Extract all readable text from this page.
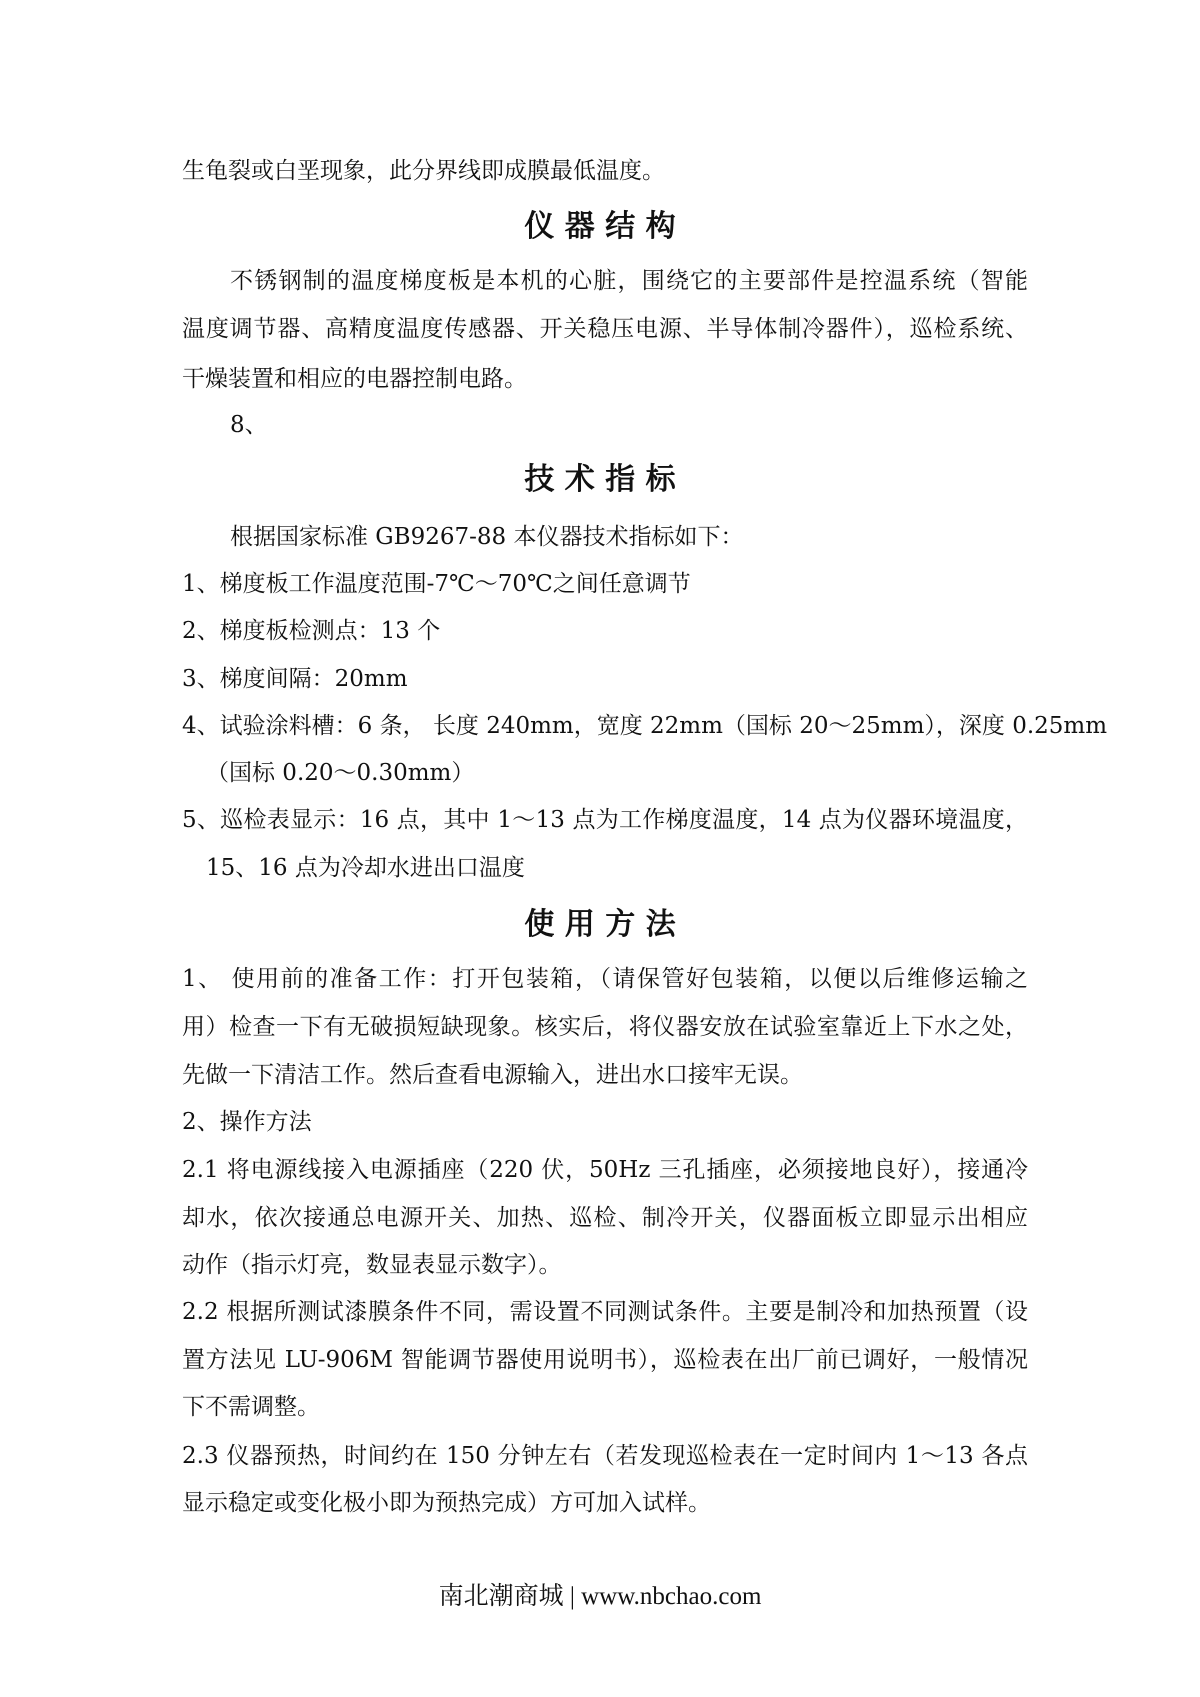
生龟裂或白垩现象，此分界线即成膜最低温度。
仪 器 结 构
不锈钢制的温度梯度板是本机的心脏，围绕它的主要部件是控温系统（智能
温度调节器、高精度温度传感器、开关稳压电源、半导体制冷器件），巡检系统、
干燥装置和相应的电器控制电路。
8、
技 术 指 标
根据国家标准 GB9267-88 本仪器技术指标如下：
1、梯度板工作温度范围-7℃～70℃之间任意调节
2、梯度板检测点：13 个
3、梯度间隔：20mm
4、试验涂料槽：6 条， 长度 240mm，宽度 22mm（国标 20～25mm），深度 0.25mm
（国标 0.20～0.30mm）
5、巡检表显示：16 点，其中 1～13 点为工作梯度温度，14 点为仪器环境温度，
15、16 点为冷却水进出口温度
使 用 方 法
1、 使用前的准备工作：打开包装箱，（请保管好包装箱，以便以后维修运输之
用）检查一下有无破损短缺现象。核实后，将仪器安放在试验室靠近上下水之处，
先做一下清洁工作。然后查看电源输入，进出水口接牢无误。
2、操作方法
2.1 将电源线接入电源插座（220 伏，50Hz 三孔插座，必须接地良好），接通冷
却水，依次接通总电源开关、加热、巡检、制冷开关，仪器面板立即显示出相应
动作（指示灯亮，数显表显示数字）。
2.2 根据所测试漆膜条件不同，需设置不同测试条件。主要是制冷和加热预置（设
置方法见 LU-906M 智能调节器使用说明书），巡检表在出厂前已调好，一般情况
下不需调整。
2.3 仪器预热，时间约在 150 分钟左右（若发现巡检表在一定时间内 1～13 各点
显示稳定或变化极小即为预热完成）方可加入试样。
南北潮商城 | www.nbchao.com
